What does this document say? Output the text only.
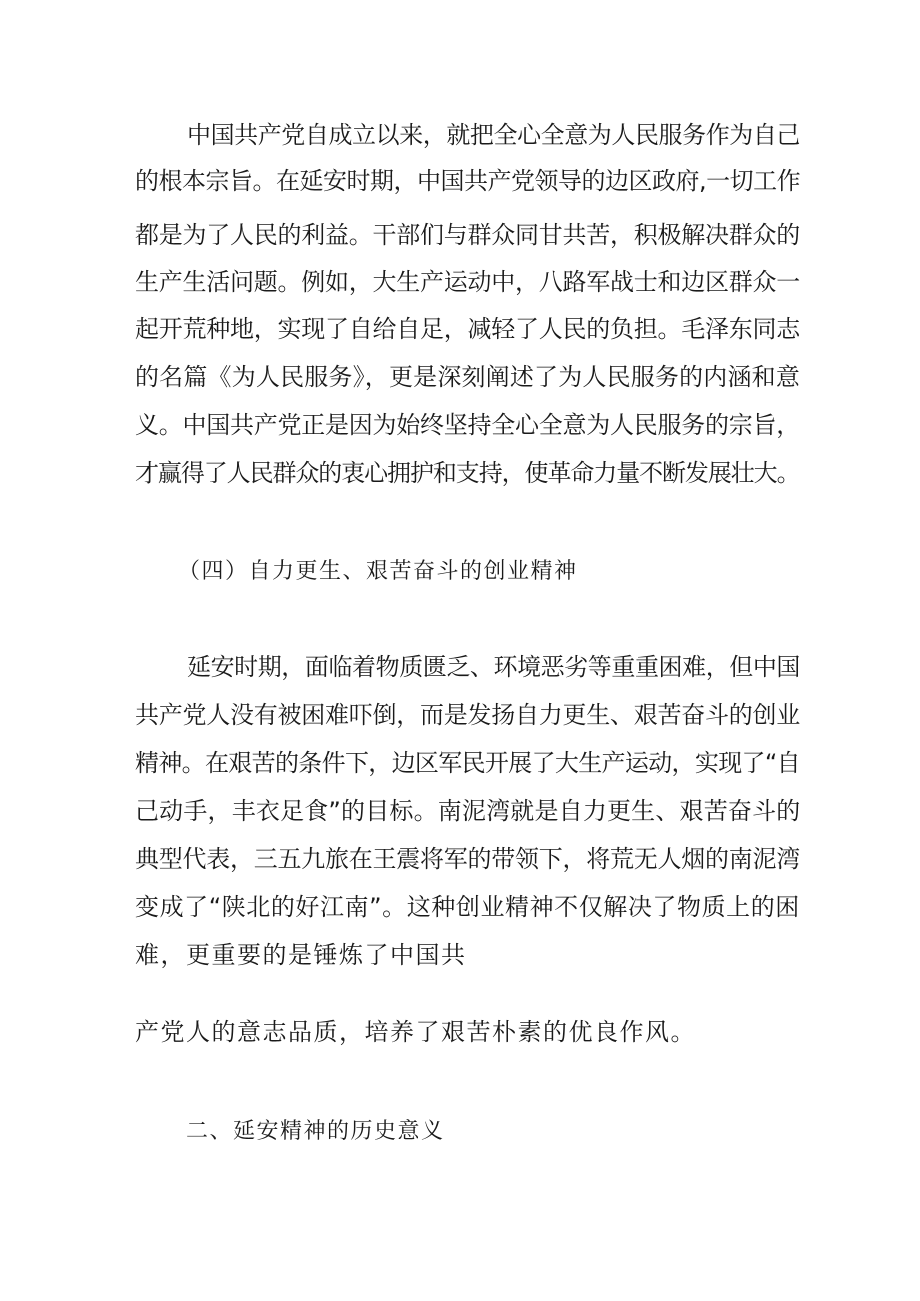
中国共产党自成立以来，就把全心全意为人民服务作为自己
的根本宗旨。在延安时期，中国共产党领导的边区政府,一切工作
都是为了人民的利益。干部们与群众同甘共苦，积极解决群众的
生产生活问题。例如，大生产运动中，八路军战士和边区群众一
起开荒种地，实现了自给自足，减轻了人民的负担。毛泽东同志
的名篇《为人民服务》，更是深刻阐述了为人民服务的内涵和意
义。中国共产党正是因为始终坚持全心全意为人民服务的宗旨，
才赢得了人民群众的衷心拥护和支持，使革命力量不断发展壮大。
（四）自力更生、艰苦奋斗的创业精神
延安时期，面临着物质匮乏、环境恶劣等重重困难，但中国
共产党人没有被困难吓倒，而是发扬自力更生、艰苦奋斗的创业
精神。在艰苦的条件下，边区军民开展了大生产运动，实现了“自
己动手，丰衣足食”的目标。南泥湾就是自力更生、艰苦奋斗的
典型代表，三五九旅在王震将军的带领下，将荒无人烟的南泥湾
变成了“陕北的好江南”。这种创业精神不仅解决了物质上的困
难，更重要的是锤炼了中国共
产党人的意志品质，培养了艰苦朴素的优良作风。
二、延安精神的历史意义
